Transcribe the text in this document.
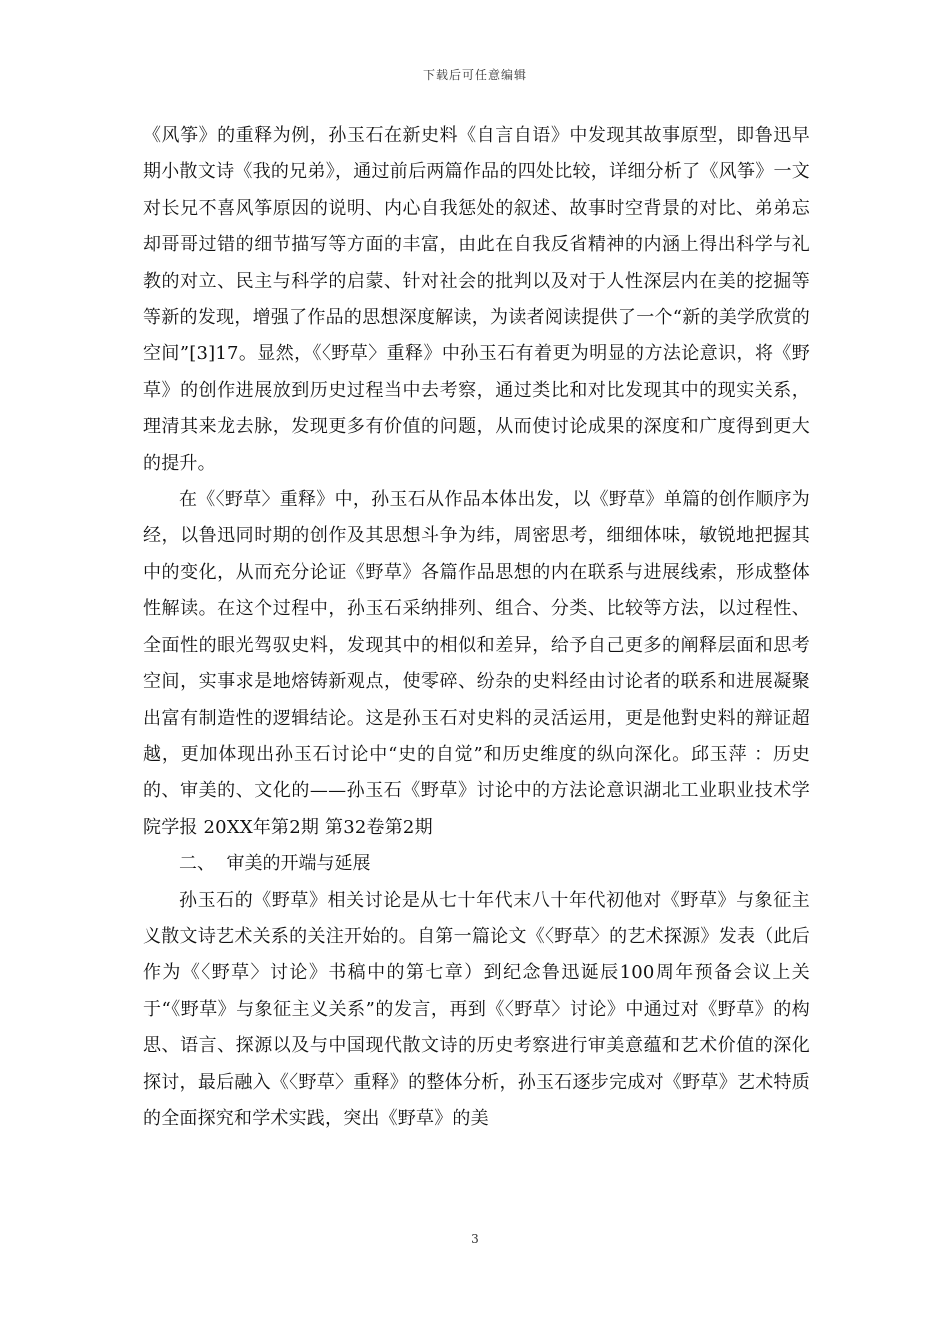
下载后可任意编辑

《风筝》的重释为例，孙玉石在新史料《自言自语》中发现其故事原型，即鲁迅早期小散文诗《我的兄弟》，通过前后两篇作品的四处比较，详细分析了《风筝》一文对长兄不喜风筝原因的说明、内心自我惩处的叙述、故事时空背景的对比、弟弟忘却哥哥过错的细节描写等方面的丰富，由此在自我反省精神的内涵上得出科学与礼教的对立、民主与科学的启蒙、针对社会的批判以及对于人性深层内在美的挖掘等等新的发现，增强了作品的思想深度解读，为读者阅读提供了一个“新的美学欣赏的空间”[3]17。显然，《〈野草〉重释》中孙玉石有着更为明显的方法论意识，将《野草》的创作进展放到历史过程当中去考察，通过类比和对比发现其中的现实关系，理清其来龙去脉，发现更多有价值的问题，从而使讨论成果的深度和广度得到更大的提升。

在《〈野草〉重释》中，孙玉石从作品本体出发，以《野草》单篇的创作顺序为经，以鲁迅同时期的创作及其思想斗争为纬，周密思考，细细体味，敏锐地把握其中的变化，从而充分论证《野草》各篇作品思想的内在联系与进展线索，形成整体性解读。在这个过程中，孙玉石采纳排列、组合、分类、比较等方法，以过程性、全面性的眼光驾驭史料，发现其中的相似和差异，给予自己更多的阐释层面和思考空间，实事求是地熔铸新观点，使零碎、纷杂的史料经由讨论者的联系和进展凝聚出富有制造性的逻辑结论。这是孙玉石对史料的灵活运用，更是他對史料的辩证超越，更加体现出孙玉石讨论中“史的自觉”和历史维度的纵向深化。邱玉萍 ：历史的、审美的、文化的——孙玉石《野草》讨论中的方法论意识湖北工业职业技术学院学报 20XX年第2期 第32卷第2期

二、  审美的开端与延展

孙玉石的《野草》相关讨论是从七十年代末八十年代初他对《野草》与象征主义散文诗艺术关系的关注开始的。自第一篇论文《〈野草〉的艺术探源》发表（此后作为《〈野草〉讨论》书稿中的第七章）到纪念鲁迅诞辰100周年预备会议上关于“《野草》与象征主义关系”的发言，再到《〈野草〉讨论》中通过对《野草》的构思、语言、探源以及与中国现代散文诗的历史考察进行审美意蕴和艺术价值的深化探讨，最后融入《〈野草〉重释》的整体分析，孙玉石逐步完成对《野草》艺术特质的全面探究和学术实践，突出《野草》的美

3
